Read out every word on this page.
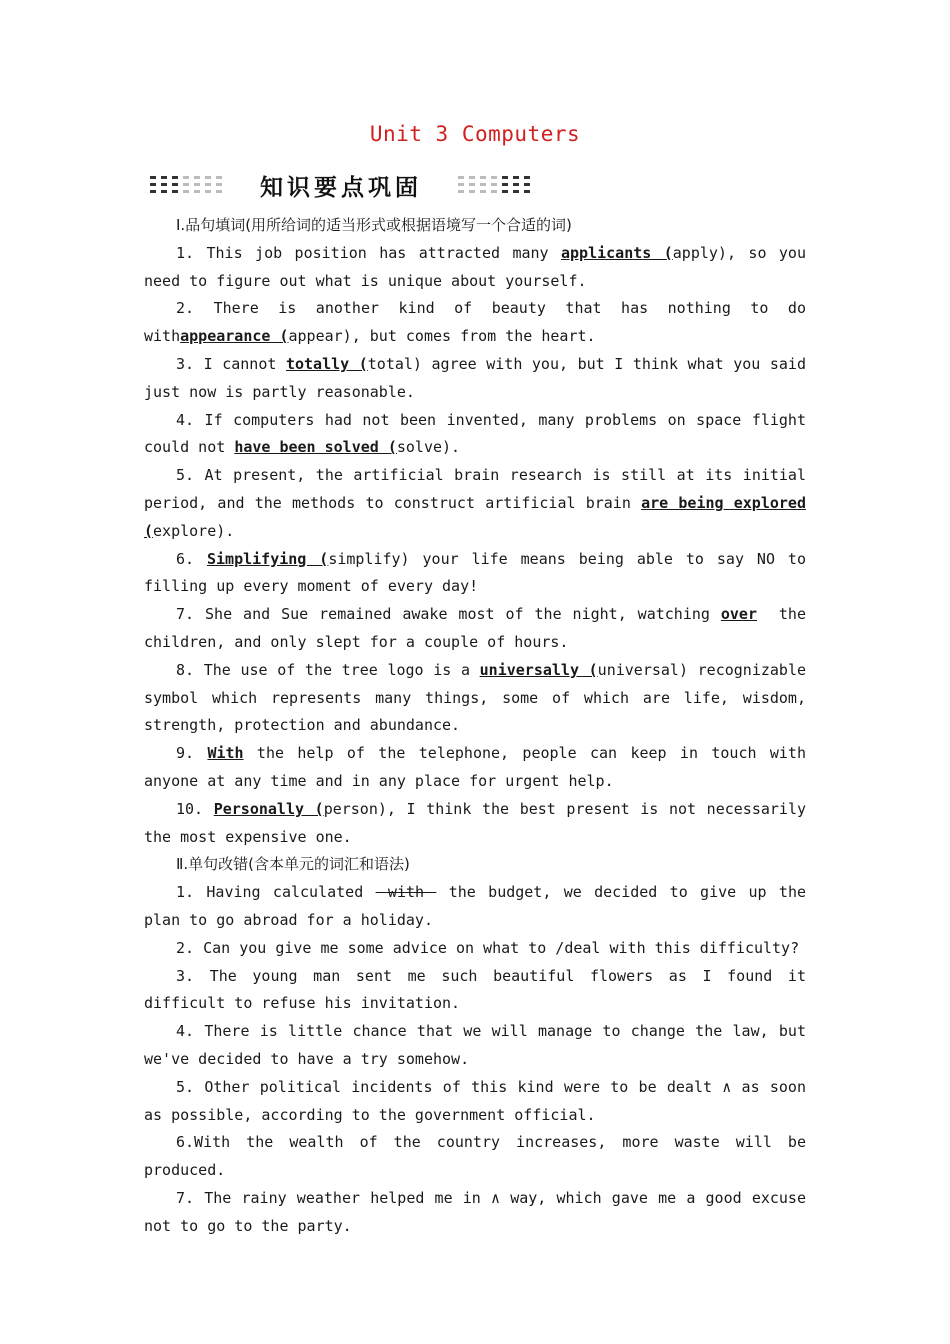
Unit 3 Computers
知识要点巩固

Ⅰ.品句填词(用所给词的适当形式或根据语境写一个合适的词)

1. This job position has attracted many applicants (apply), so you need to figure out what is unique about yourself.

2. There is another kind of beauty that has nothing to do withappearance (appear), but comes from the heart.

3. I cannot totally (total) agree with you, but I think what you said just now is partly reasonable.

4. If computers had not been invented, many problems on space flight could not have been solved (solve).

5. At present, the artificial brain research is still at its initial period, and the methods to construct artificial brain are being explored (explore).

6. Simplifying (simplify) your life means being able to say NO to filling up every moment of every day!

7. She and Sue remained awake most of the night, watching over  the children, and only slept for a couple of hours.

8. The use of the tree logo is a universally (universal) recognizable symbol which represents many things, some of which are life, wisdom, strength, protection and abundance.

9. With the help of the telephone, people can keep in touch with anyone at any time and in any place for urgent help.

10. Personally (person), I think the best present is not necessarily the most expensive one.

Ⅱ.单句改错(含本单元的词汇和语法)

1. Having calculated  with  the budget, we decided to give up the plan to go abroad for a holiday.

2. Can you give me some advice on what to /deal with this difficulty?

3. The young man sent me such beautiful flowers as I found it difficult to refuse his invitation.

4. There is little chance that we will manage to change the law, but we've decided to have a try somehow.

5. Other political incidents of this kind were to be dealt ∧ as soon as possible, according to the government official.

6.With the wealth of the country increases, more waste will be produced.

7. The rainy weather helped me in ∧ way, which gave me a good excuse not to go to the party.
